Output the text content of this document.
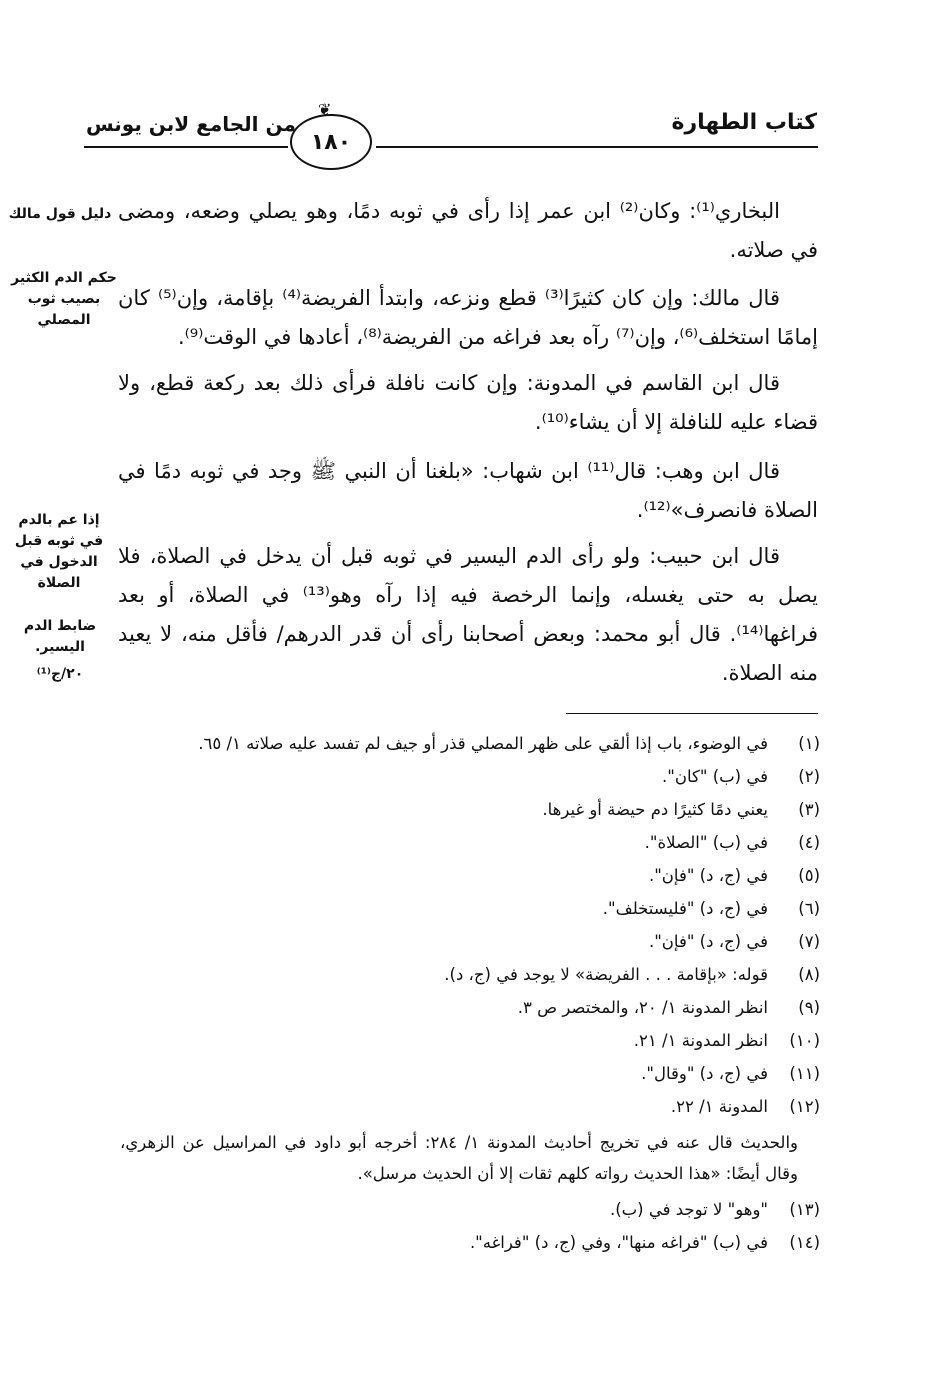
كتاب الطهارة
من الجامع لابن يونس
❦
١٨٠

البخاري⁽¹⁾: وكان⁽²⁾ ابن عمر إذا رأى في ثوبه دمًا، وهو يصلي وضعه، ومضى في صلاته.

قال مالك: وإن كان كثيرًا⁽³⁾ قطع ونزعه، وابتدأ الفريضة⁽⁴⁾ بإقامة، وإن⁽⁵⁾ كان إمامًا استخلف⁽⁶⁾، وإن⁽⁷⁾ رآه بعد فراغه من الفريضة⁽⁸⁾، أعادها في الوقت⁽⁹⁾.

قال ابن القاسم في المدونة: وإن كانت نافلة فرأى ذلك بعد ركعة قطع، ولا قضاء عليه للنافلة إلا أن يشاء⁽¹⁰⁾.

قال ابن وهب: قال⁽¹¹⁾ ابن شهاب: «بلغنا أن النبي ﷺ وجد في ثوبه دمًا في الصلاة فانصرف»⁽¹²⁾.

قال ابن حبيب: ولو رأى الدم اليسير في ثوبه قبل أن يدخل في الصلاة، فلا يصل به حتى يغسله، وإنما الرخصة فيه إذا رآه وهو⁽¹³⁾ في الصلاة، أو بعد فراغها⁽¹⁴⁾. قال أبو محمد: وبعض أصحابنا رأى أن قدر الدرهم/ فأقل منه، لا يعيد منه الصلاة.

دليل قول مالك
حكم الدم الكثير بصيب ثوب المصلي
إذا عم بالدم في ثوبه قبل الدخول في الصلاة
ضابط الدم اليسير.
٢٠/ج⁽¹⁾
(١)
في الوضوء، باب إذا ألقي على ظهر المصلي قذر أو جيف لم تفسد عليه صلاته ١/ ٦٥.
(٢)
في (ب) "كان".
(٣)
يعني دمًا كثيرًا دم حيضة أو غيرها.
(٤)
في (ب) "الصلاة".
(٥)
في (ج، د) "فإن".
(٦)
في (ج، د) "فليستخلف".
(٧)
في (ج، د) "فإن".
(٨)
قوله: «بإقامة . . . الفريضة» لا يوجد في (ج، د).
(٩)
انظر المدونة ١/ ٢٠، والمختصر ص ٣.
(١٠)
انظر المدونة ١/ ٢١.
(١١)
في (ج، د) "وقال".
(١٢)
المدونة ١/ ٢٢.
والحديث قال عنه في تخريج أحاديث المدونة ١/ ٢٨٤: أخرجه أبو داود في المراسيل عن الزهري، وقال أيضًا: «هذا الحديث رواته كلهم ثقات إلا أن الحديث مرسل».
(١٣)
"وهو" لا توجد في (ب).
(١٤)
في (ب) "فراغه منها"، وفي (ج، د) "فراغه".
